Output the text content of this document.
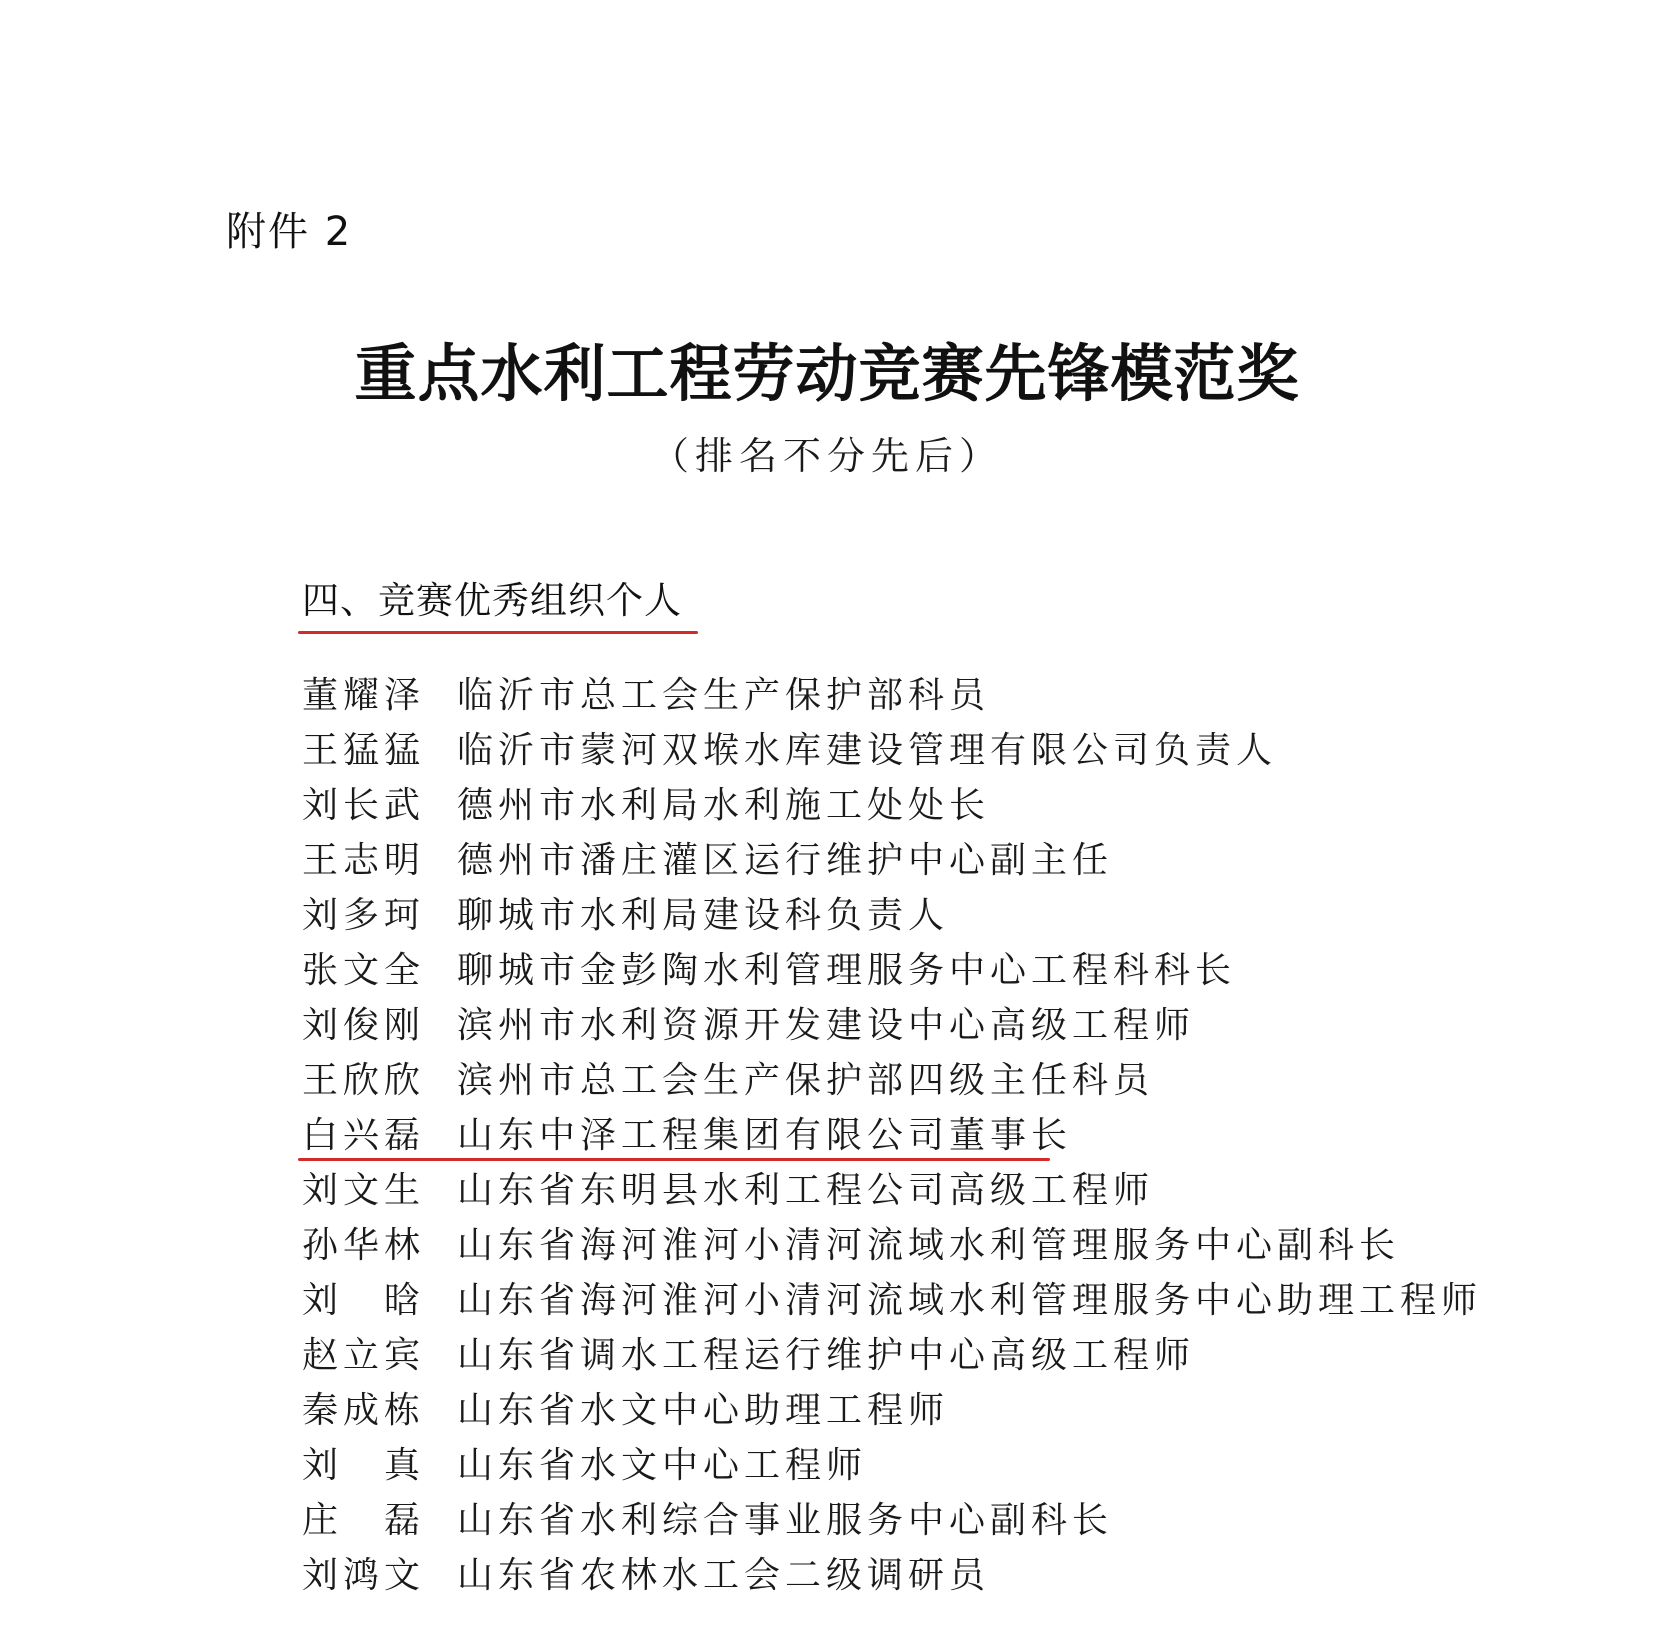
附件 2
重点水利工程劳动竞赛先锋模范奖
（排名不分先后）
四、竞赛优秀组织个人
董耀泽 临沂市总工会生产保护部科员
王猛猛 临沂市蒙河双堠水库建设管理有限公司负责人
刘长武 德州市水利局水利施工处处长
王志明 德州市潘庄灌区运行维护中心副主任
刘多珂 聊城市水利局建设科负责人
张文全 聊城市金彭陶水利管理服务中心工程科科长
刘俊刚 滨州市水利资源开发建设中心高级工程师
王欣欣 滨州市总工会生产保护部四级主任科员
白兴磊 山东中泽工程集团有限公司董事长
刘文生 山东省东明县水利工程公司高级工程师
孙华林 山东省海河淮河小清河流域水利管理服务中心副科长
刘　晗 山东省海河淮河小清河流域水利管理服务中心助理工程师
赵立宾 山东省调水工程运行维护中心高级工程师
秦成栋 山东省水文中心助理工程师
刘　真 山东省水文中心工程师
庄　磊 山东省水利综合事业服务中心副科长
刘鸿文 山东省农林水工会二级调研员
